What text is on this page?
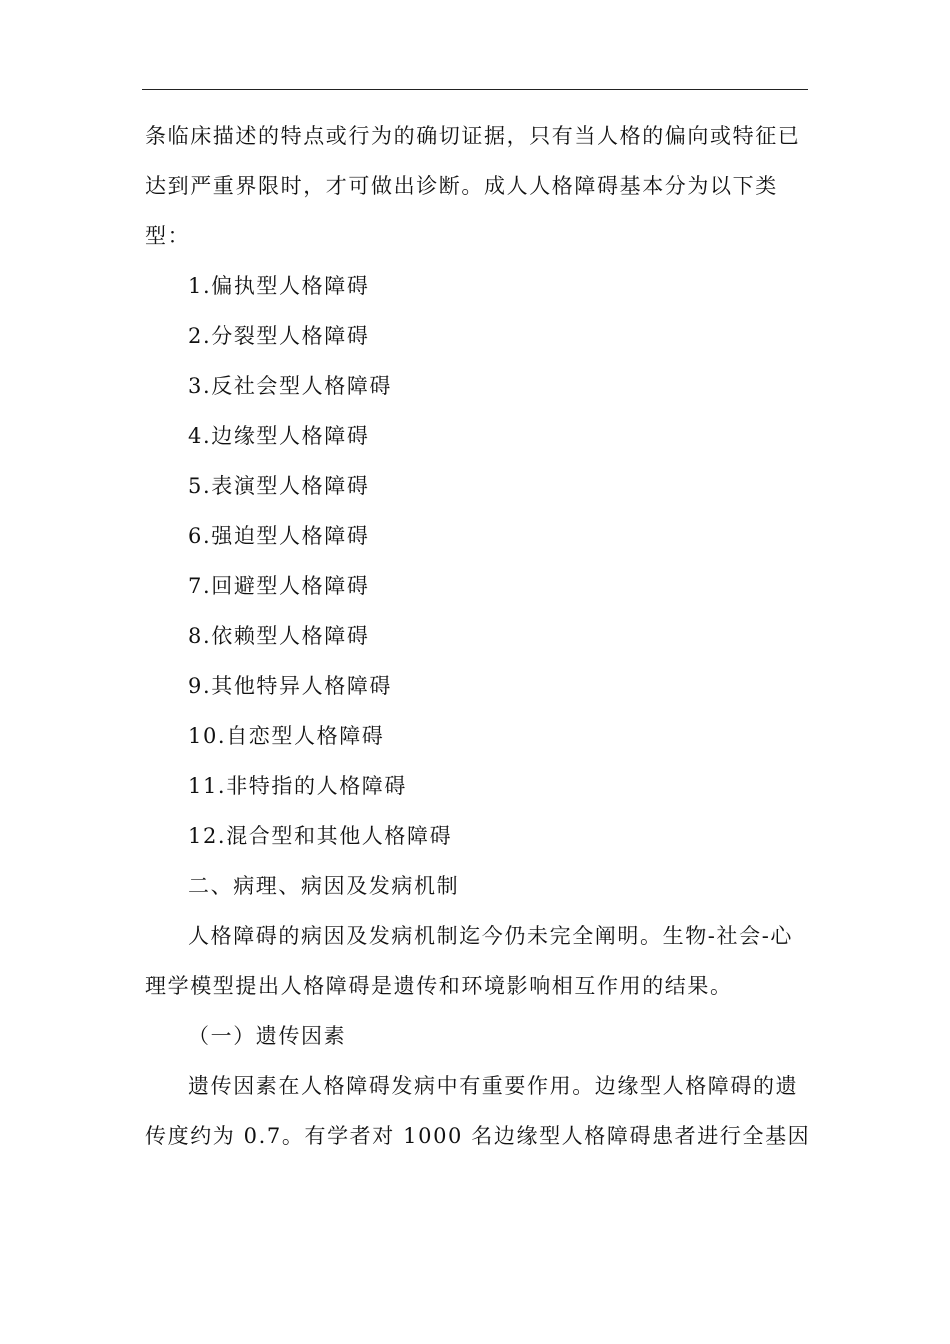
条临床描述的特点或行为的确切证据，只有当人格的偏向或特征已
达到严重界限时，才可做出诊断。成人人格障碍基本分为以下类
型：
1.偏执型人格障碍
2.分裂型人格障碍
3.反社会型人格障碍
4.边缘型人格障碍
5.表演型人格障碍
6.强迫型人格障碍
7.回避型人格障碍
8.依赖型人格障碍
9.其他特异人格障碍
10.自恋型人格障碍
11.非特指的人格障碍
12.混合型和其他人格障碍
二、病理、病因及发病机制
人格障碍的病因及发病机制迄今仍未完全阐明。生物-社会-心
理学模型提出人格障碍是遗传和环境影响相互作用的结果。
（一）遗传因素
遗传因素在人格障碍发病中有重要作用。边缘型人格障碍的遗
传度约为 0.7。有学者对 1000 名边缘型人格障碍患者进行全基因
